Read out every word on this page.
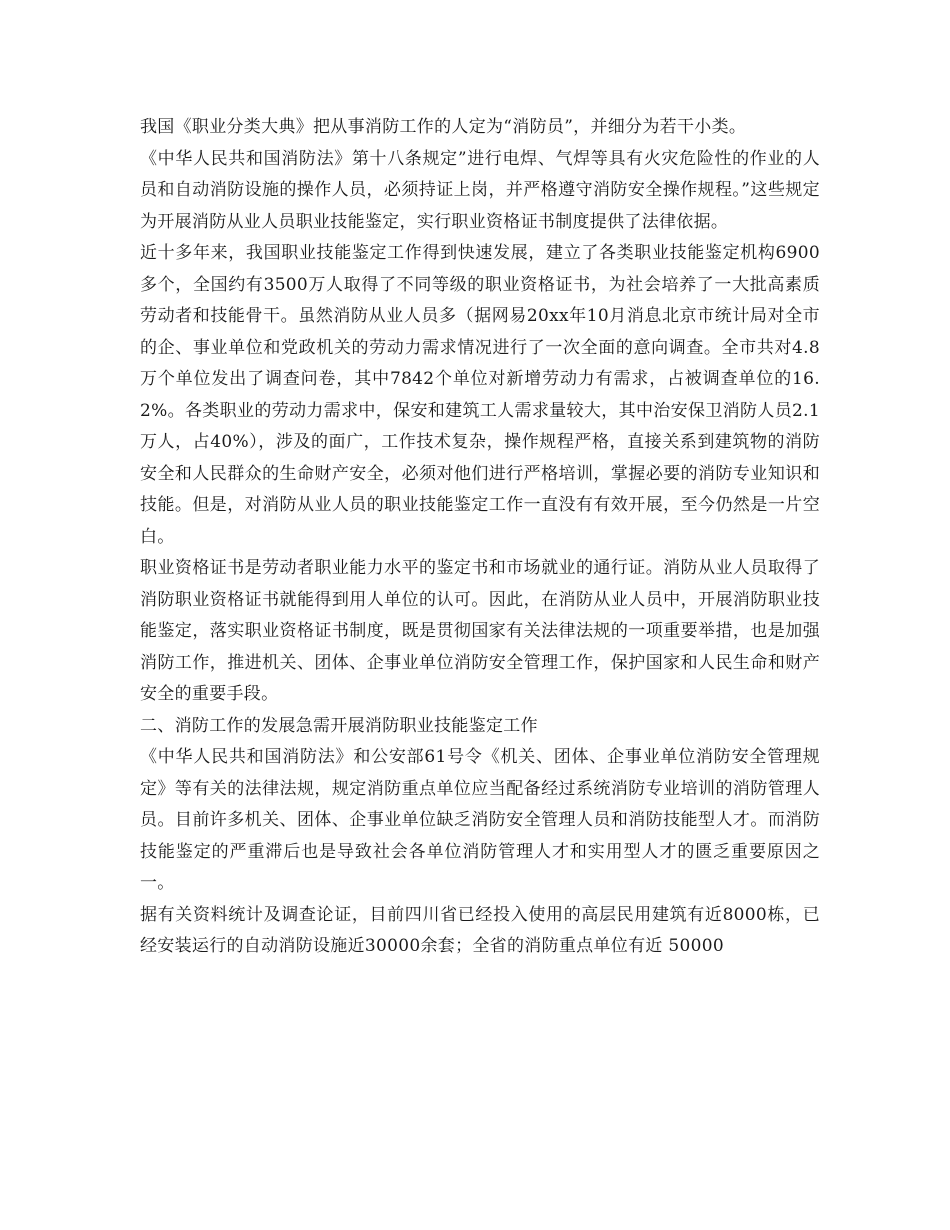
我国《职业分类大典》把从事消防工作的人定为“消防员”，并细分为若干小类。

《中华人民共和国消防法》第十八条规定”进行电焊、气焊等具有火灾危险性的作业的人员和自动消防设施的操作人员，必须持证上岗，并严格遵守消防安全操作规程。”这些规定为开展消防从业人员职业技能鉴定，实行职业资格证书制度提供了法律依据。

近十多年来，我国职业技能鉴定工作得到快速发展，建立了各类职业技能鉴定机构6900多个，全国约有3500万人取得了不同等级的职业资格证书，为社会培养了一大批高素质劳动者和技能骨干。虽然消防从业人员多（据网易20xx年10月消息北京市统计局对全市的企、事业单位和党政机关的劳动力需求情况进行了一次全面的意向调查。全市共对4.8万个单位发出了调查问卷，其中7842个单位对新增劳动力有需求，占被调查单位的16.2%。各类职业的劳动力需求中，保安和建筑工人需求量较大，其中治安保卫消防人员2.1万人，占40%），涉及的面广，工作技术复杂，操作规程严格，直接关系到建筑物的消防安全和人民群众的生命财产安全，必须对他们进行严格培训，掌握必要的消防专业知识和技能。但是，对消防从业人员的职业技能鉴定工作一直没有有效开展，至今仍然是一片空白。

职业资格证书是劳动者职业能力水平的鉴定书和市场就业的通行证。消防从业人员取得了消防职业资格证书就能得到用人单位的认可。因此，在消防从业人员中，开展消防职业技能鉴定，落实职业资格证书制度，既是贯彻国家有关法律法规的一项重要举措，也是加强消防工作，推进机关、团体、企事业单位消防安全管理工作，保护国家和人民生命和财产安全的重要手段。

二、消防工作的发展急需开展消防职业技能鉴定工作

《中华人民共和国消防法》和公安部61号令《机关、团体、企事业单位消防安全管理规定》等有关的法律法规，规定消防重点单位应当配备经过系统消防专业培训的消防管理人员。目前许多机关、团体、企事业单位缺乏消防安全管理人员和消防技能型人才。而消防技能鉴定的严重滞后也是导致社会各单位消防管理人才和实用型人才的匮乏重要原因之一。

据有关资料统计及调查论证，目前四川省已经投入使用的高层民用建筑有近8000栋，已经安装运行的自动消防设施近30000余套；全省的消防重点单位有近 50000
